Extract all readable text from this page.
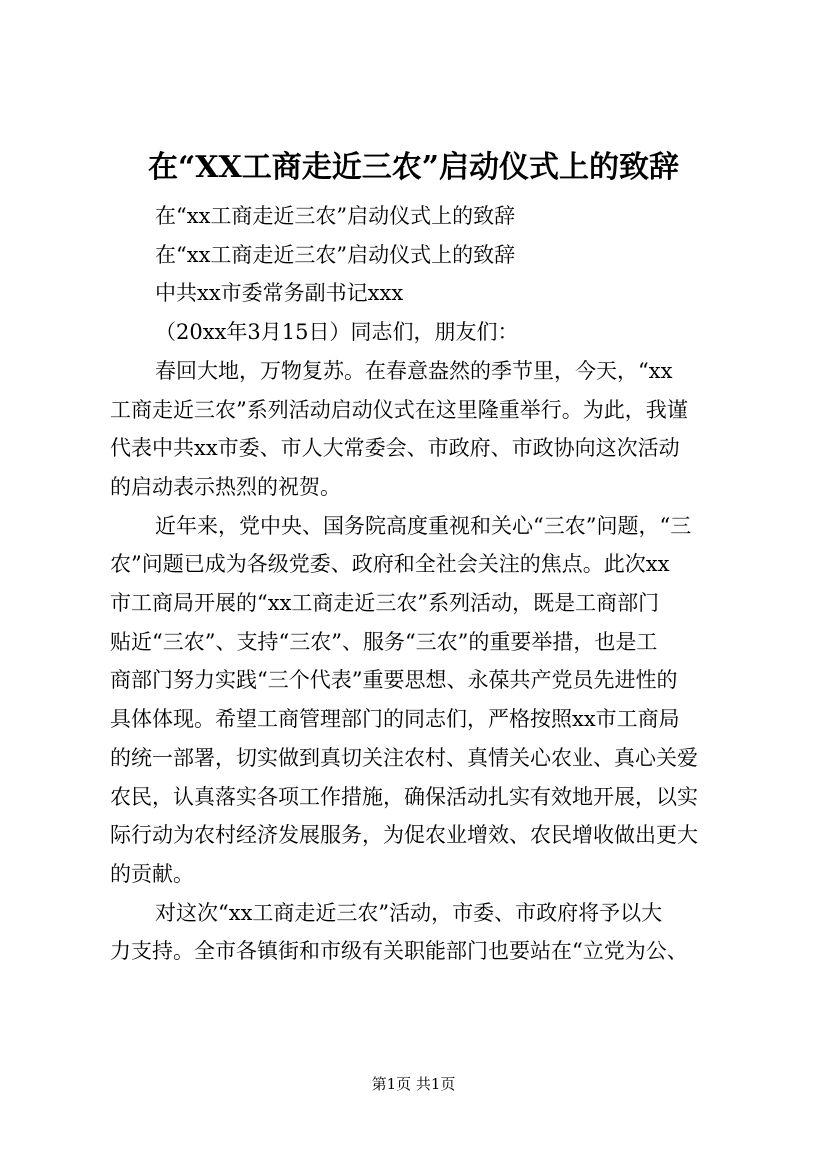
在“XX工商走近三农”启动仪式上的致辞
在“xx工商走近三农”启动仪式上的致辞
在“xx工商走近三农”启动仪式上的致辞
中共xx市委常务副书记xxx
（20xx年3月15日）同志们，朋友们：
春回大地，万物复苏。在春意盎然的季节里，今天，“xx
工商走近三农”系列活动启动仪式在这里隆重举行。为此，我谨
代表中共xx市委、市人大常委会、市政府、市政协向这次活动
的启动表示热烈的祝贺。
近年来，党中央、国务院高度重视和关心“三农”问题，“三
农”问题已成为各级党委、政府和全社会关注的焦点。此次xx
市工商局开展的“xx工商走近三农”系列活动，既是工商部门
贴近“三农”、支持“三农”、服务“三农”的重要举措，也是工
商部门努力实践“三个代表”重要思想、永葆共产党员先进性的
具体体现。希望工商管理部门的同志们，严格按照xx市工商局
的统一部署，切实做到真切关注农村、真情关心农业、真心关爱
农民，认真落实各项工作措施，确保活动扎实有效地开展，以实
际行动为农村经济发展服务，为促农业增效、农民增收做出更大
的贡献。
对这次“xx工商走近三农”活动，市委、市政府将予以大
力支持。全市各镇街和市级有关职能部门也要站在“立党为公、
第1页 共1页
